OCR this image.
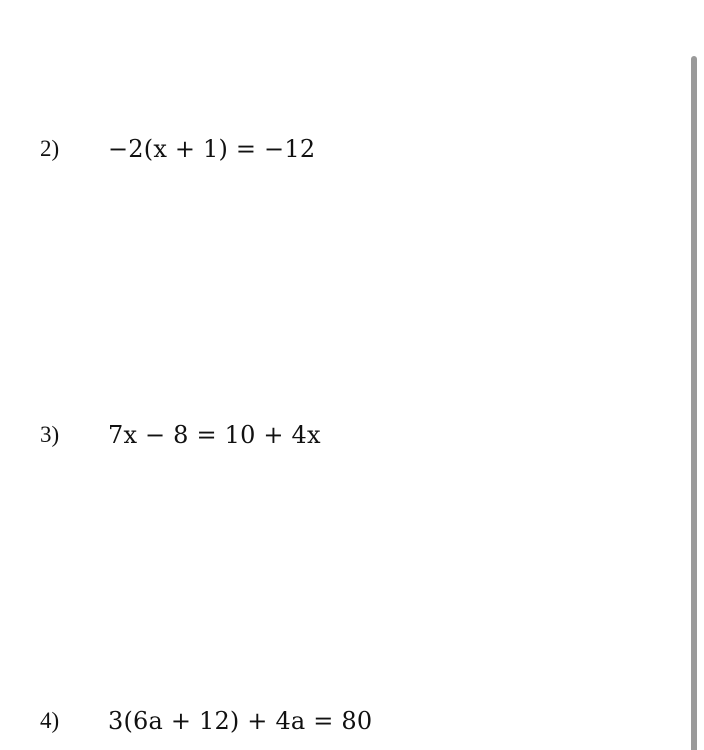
2)	−2(x + 1) = −12
3)	7x − 8 = 10 + 4x
4)	3(6a + 12) + 4a = 80
